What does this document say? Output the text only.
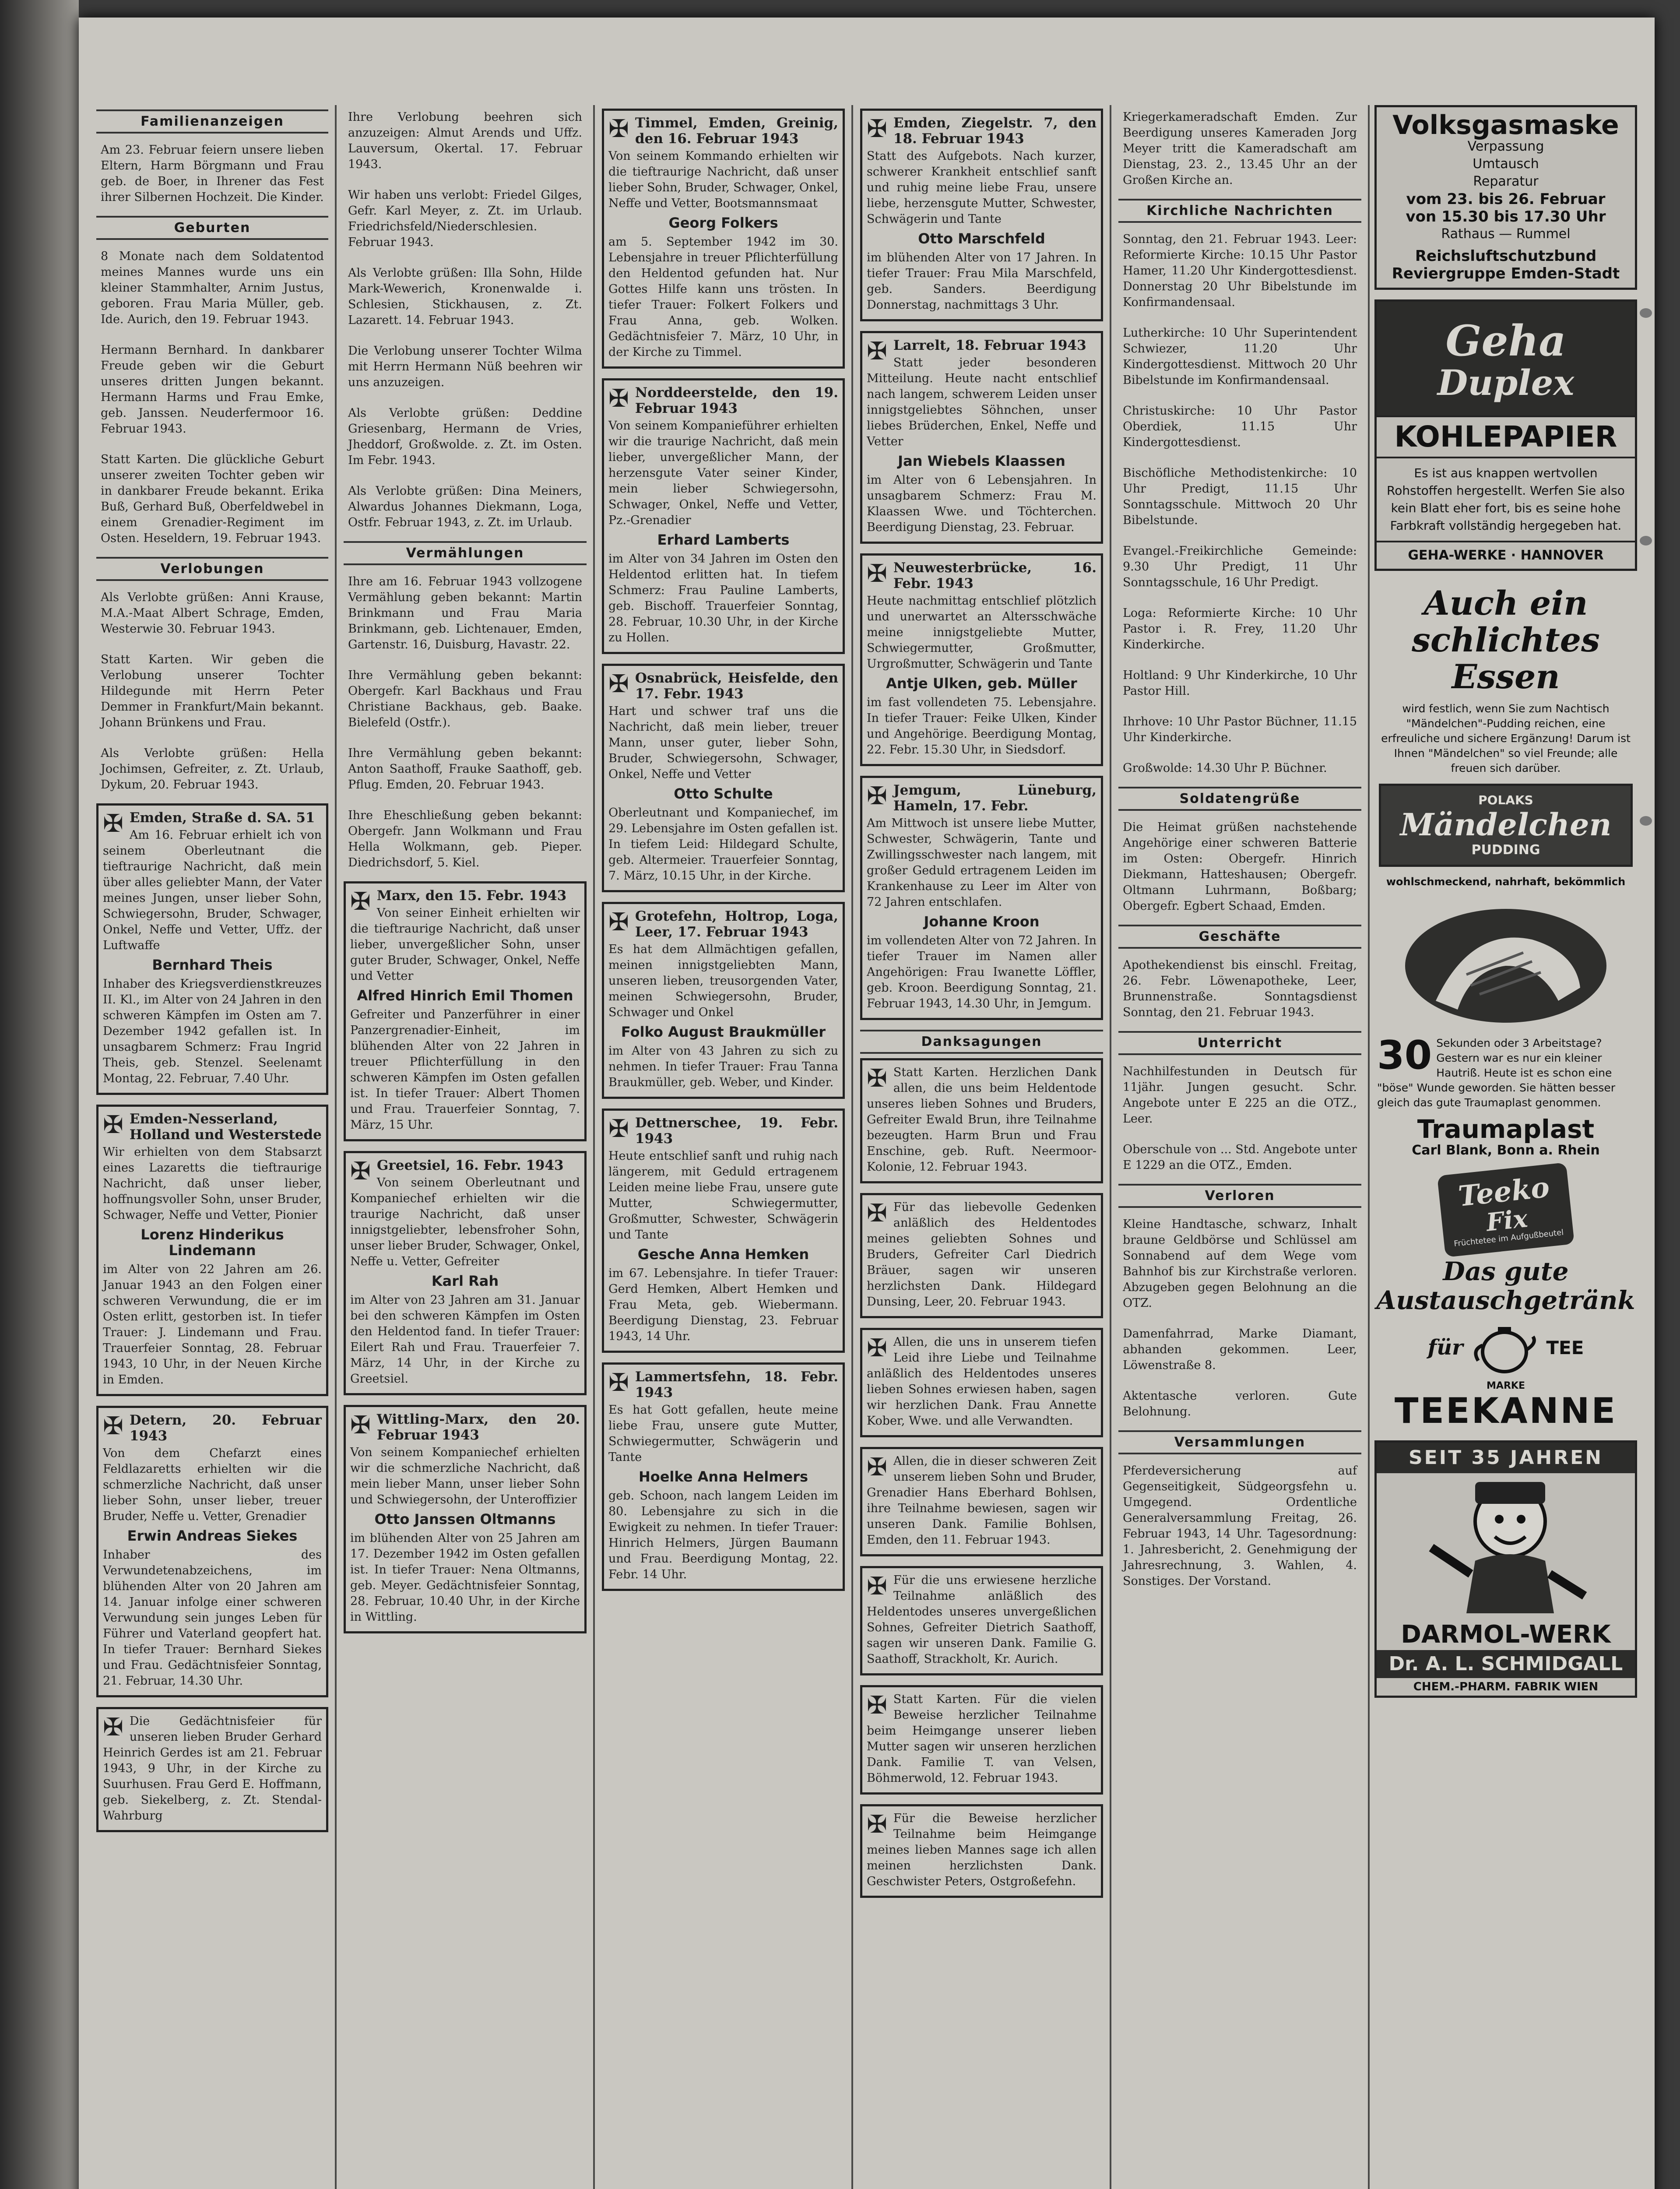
Familienanzeigen

Am 23. Februar feiern unsere lieben Eltern, Harm Börgmann und Frau geb. de Boer, in Ihrener das Fest ihrer Silbernen Hochzeit. Die Kinder.

Geburten

8 Monate nach dem Soldatentod meines Mannes wurde uns ein kleiner Stammhalter, Arnim Justus, geboren. Frau Maria Müller, geb. Ide. Aurich, den 19. Februar 1943.

Hermann Bernhard. In dankbarer Freude geben wir die Geburt unseres dritten Jungen bekannt. Hermann Harms und Frau Emke, geb. Janssen. Neuderfermoor 16. Februar 1943.

Statt Karten. Die glückliche Geburt unserer zweiten Tochter geben wir in dankbarer Freude bekannt. Erika Buß, Gerhard Buß, Oberfeldwebel in einem Grenadier-Regiment im Osten. Heseldern, 19. Februar 1943.

Verlobungen

Als Verlobte grüßen: Anni Krause, M.A.-Maat Albert Schrage, Emden, Westerwie 30. Februar 1943.

Statt Karten. Wir geben die Verlobung unserer Tochter Hildegunde mit Herrn Peter Demmer in Frankfurt/Main bekannt. Johann Brünkens und Frau.

Als Verlobte grüßen: Hella Jochimsen, Gefreiter, z. Zt. Urlaub, Dykum, 20. Februar 1943.

✠ Emden, Straße d. SA. 51

Am 16. Februar erhielt ich von seinem Oberleutnant die tieftraurige Nachricht, daß mein über alles geliebter Mann, der Vater meines Jungen, unser lieber Sohn, Schwiegersohn, Bruder, Schwager, Onkel, Neffe und Vetter, Uffz. der Luftwaffe

Bernhard Theis

Inhaber des Kriegsverdienstkreuzes II. Kl., im Alter von 24 Jahren in den schweren Kämpfen im Osten am 7. Dezember 1942 gefallen ist. In unsagbarem Schmerz: Frau Ingrid Theis, geb. Stenzel. Seelenamt Montag, 22. Februar, 7.40 Uhr.

✠ Emden-Nesserland, Holland und Westerstede

Wir erhielten von dem Stabsarzt eines Lazaretts die tieftraurige Nachricht, daß unser lieber, hoffnungsvoller Sohn, unser Bruder, Schwager, Neffe und Vetter, Pionier

Lorenz Hinderikus Lindemann

im Alter von 22 Jahren am 26. Januar 1943 an den Folgen einer schweren Verwundung, die er im Osten erlitt, gestorben ist. In tiefer Trauer: J. Lindemann und Frau. Trauerfeier Sonntag, 28. Februar 1943, 10 Uhr, in der Neuen Kirche in Emden.

✠ Detern, 20. Februar 1943

Von dem Chefarzt eines Feldlazaretts erhielten wir die schmerzliche Nachricht, daß unser lieber Sohn, unser lieber, treuer Bruder, Neffe u. Vetter, Grenadier

Erwin Andreas Siekes

Inhaber des Verwundetenabzeichens, im blühenden Alter von 20 Jahren am 14. Januar infolge einer schweren Verwundung sein junges Leben für Führer und Vaterland geopfert hat. In tiefer Trauer: Bernhard Siekes und Frau. Gedächtnisfeier Sonntag, 21. Februar, 14.30 Uhr.

✠ Die Gedächtnisfeier für unseren lieben Bruder Gerhard Heinrich Gerdes ist am 21. Februar 1943, 9 Uhr, in der Kirche zu Suurhusen. Frau Gerd E. Hoffmann, geb. Siekelberg, z. Zt. Stendal-Wahrburg

Ihre Verlobung beehren sich anzuzeigen: Almut Arends und Uffz. Lauversum, Okertal. 17. Februar 1943.

Wir haben uns verlobt: Friedel Gilges, Gefr. Karl Meyer, z. Zt. im Urlaub. Friedrichsfeld/Niederschlesien. Februar 1943.

Als Verlobte grüßen: Illa Sohn, Hilde Mark-Wewerich, Kronenwalde i. Schlesien, Stickhausen, z. Zt. Lazarett. 14. Februar 1943.

Die Verlobung unserer Tochter Wilma mit Herrn Hermann Nüß beehren wir uns anzuzeigen.

Als Verlobte grüßen: Deddine Griesenbarg, Hermann de Vries, Jheddorf, Großwolde. z. Zt. im Osten. Im Febr. 1943.

Als Verlobte grüßen: Dina Meiners, Alwardus Johannes Diekmann, Loga, Ostfr. Februar 1943, z. Zt. im Urlaub.

Vermählungen

Ihre am 16. Februar 1943 vollzogene Vermählung geben bekannt: Martin Brinkmann und Frau Maria Brinkmann, geb. Lichtenauer, Emden, Gartenstr. 16, Duisburg, Havastr. 22.

Ihre Vermählung geben bekannt: Obergefr. Karl Backhaus und Frau Christiane Backhaus, geb. Baake. Bielefeld (Ostfr.).

Ihre Vermählung geben bekannt: Anton Saathoff, Frauke Saathoff, geb. Pflug. Emden, 20. Februar 1943.

Ihre Eheschließung geben bekannt: Obergefr. Jann Wolkmann und Frau Hella Wolkmann, geb. Pieper. Diedrichsdorf, 5. Kiel.

✠ Marx, den 15. Febr. 1943

Von seiner Einheit erhielten wir die tieftraurige Nachricht, daß unser lieber, unvergeßlicher Sohn, unser guter Bruder, Schwager, Onkel, Neffe und Vetter

Alfred Hinrich Emil Thomen

Gefreiter und Panzerführer in einer Panzergrenadier-Einheit, im blühenden Alter von 22 Jahren in treuer Pflichterfüllung in den schweren Kämpfen im Osten gefallen ist. In tiefer Trauer: Albert Thomen und Frau. Trauerfeier Sonntag, 7. März, 15 Uhr.

✠ Greetsiel, 16. Febr. 1943

Von seinem Oberleutnant und Kompaniechef erhielten wir die traurige Nachricht, daß unser innigstgeliebter, lebensfroher Sohn, unser lieber Bruder, Schwager, Onkel, Neffe u. Vetter, Gefreiter

Karl Rah

im Alter von 23 Jahren am 31. Januar bei den schweren Kämpfen im Osten den Heldentod fand. In tiefer Trauer: Eilert Rah und Frau. Trauerfeier 7. März, 14 Uhr, in der Kirche zu Greetsiel.

✠ Wittling-Marx, den 20. Februar 1943

Von seinem Kompaniechef erhielten wir die schmerzliche Nachricht, daß mein lieber Mann, unser lieber Sohn und Schwiegersohn, der Unteroffizier

Otto Janssen Oltmanns

im blühenden Alter von 25 Jahren am 17. Dezember 1942 im Osten gefallen ist. In tiefer Trauer: Nena Oltmanns, geb. Meyer. Gedächtnisfeier Sonntag, 28. Februar, 10.40 Uhr, in der Kirche in Wittling.

✠ Timmel, Emden, Greinig, den 16. Februar 1943

Von seinem Kommando erhielten wir die tieftraurige Nachricht, daß unser lieber Sohn, Bruder, Schwager, Onkel, Neffe und Vetter, Bootsmannsmaat

Georg Folkers

am 5. September 1942 im 30. Lebensjahre in treuer Pflichterfüllung den Heldentod gefunden hat. Nur Gottes Hilfe kann uns trösten. In tiefer Trauer: Folkert Folkers und Frau Anna, geb. Wolken. Gedächtnisfeier 7. März, 10 Uhr, in der Kirche zu Timmel.

✠ Norddeerstelde, den 19. Februar 1943

Von seinem Kompanieführer erhielten wir die traurige Nachricht, daß mein lieber, unvergeßlicher Mann, der herzensgute Vater seiner Kinder, mein lieber Schwiegersohn, Schwager, Onkel, Neffe und Vetter, Pz.-Grenadier

Erhard Lamberts

im Alter von 34 Jahren im Osten den Heldentod erlitten hat. In tiefem Schmerz: Frau Pauline Lamberts, geb. Bischoff. Trauerfeier Sonntag, 28. Februar, 10.30 Uhr, in der Kirche zu Hollen.

✠ Osnabrück, Heisfelde, den 17. Febr. 1943

Hart und schwer traf uns die Nachricht, daß mein lieber, treuer Mann, unser guter, lieber Sohn, Bruder, Schwiegersohn, Schwager, Onkel, Neffe und Vetter

Otto Schulte

Oberleutnant und Kompaniechef, im 29. Lebensjahre im Osten gefallen ist. In tiefem Leid: Hildegard Schulte, geb. Altermeier. Trauerfeier Sonntag, 7. März, 10.15 Uhr, in der Kirche.

✠ Grotefehn, Holtrop, Loga, Leer, 17. Februar 1943

Es hat dem Allmächtigen gefallen, meinen innigstgeliebten Mann, unseren lieben, treusorgenden Vater, meinen Schwiegersohn, Bruder, Schwager und Onkel

Folko August Braukmüller

im Alter von 43 Jahren zu sich zu nehmen. In tiefer Trauer: Frau Tanna Braukmüller, geb. Weber, und Kinder.

✠ Dettnerschee, 19. Febr. 1943

Heute entschlief sanft und ruhig nach längerem, mit Geduld ertragenem Leiden meine liebe Frau, unsere gute Mutter, Schwiegermutter, Großmutter, Schwester, Schwägerin und Tante

Gesche Anna Hemken

im 67. Lebensjahre. In tiefer Trauer: Gerd Hemken, Albert Hemken und Frau Meta, geb. Wiebermann. Beerdigung Dienstag, 23. Februar 1943, 14 Uhr.

✠ Lammertsfehn, 18. Febr. 1943

Es hat Gott gefallen, heute meine liebe Frau, unsere gute Mutter, Schwiegermutter, Schwägerin und Tante

Hoelke Anna Helmers

geb. Schoon, nach langem Leiden im 80. Lebensjahre zu sich in die Ewigkeit zu nehmen. In tiefer Trauer: Hinrich Helmers, Jürgen Baumann und Frau. Beerdigung Montag, 22. Febr. 14 Uhr.

✠ Emden, Ziegelstr. 7, den 18. Februar 1943

Statt des Aufgebots. Nach kurzer, schwerer Krankheit entschlief sanft und ruhig meine liebe Frau, unsere liebe, herzensgute Mutter, Schwester, Schwägerin und Tante

Otto Marschfeld

im blühenden Alter von 17 Jahren. In tiefer Trauer: Frau Mila Marschfeld, geb. Sanders. Beerdigung Donnerstag, nachmittags 3 Uhr.

✠ Larrelt, 18. Februar 1943

Statt jeder besonderen Mitteilung. Heute nacht entschlief nach langem, schwerem Leiden unser innigstgeliebtes Söhnchen, unser liebes Brüderchen, Enkel, Neffe und Vetter

Jan Wiebels Klaassen

im Alter von 6 Lebensjahren. In unsagbarem Schmerz: Frau M. Klaassen Wwe. und Töchterchen. Beerdigung Dienstag, 23. Februar.

✠ Neuwesterbrücke, 16. Febr. 1943

Heute nachmittag entschlief plötzlich und unerwartet an Altersschwäche meine innigstgeliebte Mutter, Schwiegermutter, Großmutter, Urgroßmutter, Schwägerin und Tante

Antje Ulken, geb. Müller

im fast vollendeten 75. Lebensjahre. In tiefer Trauer: Feike Ulken, Kinder und Angehörige. Beerdigung Montag, 22. Febr. 15.30 Uhr, in Siedsdorf.

✠ Jemgum, Lüneburg, Hameln, 17. Febr.

Am Mittwoch ist unsere liebe Mutter, Schwester, Schwägerin, Tante und Zwillingsschwester nach langem, mit großer Geduld ertragenem Leiden im Krankenhause zu Leer im Alter von 72 Jahren entschlafen.

Johanne Kroon

im vollendeten Alter von 72 Jahren. In tiefer Trauer im Namen aller Angehörigen: Frau Iwanette Löffler, geb. Kroon. Beerdigung Sonntag, 21. Februar 1943, 14.30 Uhr, in Jemgum.

Danksagungen
✠ Statt Karten. Herzlichen Dank allen, die uns beim Heldentode unseres lieben Sohnes und Bruders, Gefreiter Ewald Brun, ihre Teilnahme bezeugten. Harm Brun und Frau Enschine, geb. Ruft. Neermoor-Kolonie, 12. Februar 1943.

✠ Für das liebevolle Gedenken anläßlich des Heldentodes meines geliebten Sohnes und Bruders, Gefreiter Carl Diedrich Bräuer, sagen wir unseren herzlichsten Dank. Hildegard Dunsing, Leer, 20. Februar 1943.

✠ Allen, die uns in unserem tiefen Leid ihre Liebe und Teilnahme anläßlich des Heldentodes unseres lieben Sohnes erwiesen haben, sagen wir herzlichen Dank. Frau Annette Kober, Wwe. und alle Verwandten.

✠ Allen, die in dieser schweren Zeit unserem lieben Sohn und Bruder, Grenadier Hans Eberhard Bohlsen, ihre Teilnahme bewiesen, sagen wir unseren Dank. Familie Bohlsen, Emden, den 11. Februar 1943.

✠ Für die uns erwiesene herzliche Teilnahme anläßlich des Heldentodes unseres unvergeßlichen Sohnes, Gefreiter Dietrich Saathoff, sagen wir unseren Dank. Familie G. Saathoff, Strackholt, Kr. Aurich.

✠ Statt Karten. Für die vielen Beweise herzlicher Teilnahme beim Heimgange unserer lieben Mutter sagen wir unseren herzlichen Dank. Familie T. van Velsen, Böhmerwold, 12. Februar 1943.

✠ Für die Beweise herzlicher Teilnahme beim Heimgange meines lieben Mannes sage ich allen meinen herzlichsten Dank. Geschwister Peters, Ostgroßefehn.

Kriegerkameradschaft Emden. Zur Beerdigung unseres Kameraden Jorg Meyer tritt die Kameradschaft am Dienstag, 23. 2., 13.45 Uhr an der Großen Kirche an.

Kirchliche Nachrichten

Sonntag, den 21. Februar 1943. Leer: Reformierte Kirche: 10.15 Uhr Pastor Hamer, 11.20 Uhr Kindergottesdienst. Donnerstag 20 Uhr Bibelstunde im Konfirmandensaal.

Lutherkirche: 10 Uhr Superintendent Schwiezer, 11.20 Uhr Kindergottesdienst. Mittwoch 20 Uhr Bibelstunde im Konfirmandensaal.

Christuskirche: 10 Uhr Pastor Oberdiek, 11.15 Uhr Kindergottesdienst.

Bischöfliche Methodistenkirche: 10 Uhr Predigt, 11.15 Uhr Sonntagsschule. Mittwoch 20 Uhr Bibelstunde.

Evangel.-Freikirchliche Gemeinde: 9.30 Uhr Predigt, 11 Uhr Sonntagsschule, 16 Uhr Predigt.

Loga: Reformierte Kirche: 10 Uhr Pastor i. R. Frey, 11.20 Uhr Kinderkirche.

Holtland: 9 Uhr Kinderkirche, 10 Uhr Pastor Hill.

Ihrhove: 10 Uhr Pastor Büchner, 11.15 Uhr Kinderkirche.

Großwolde: 14.30 Uhr P. Büchner.

Soldatengrüße

Die Heimat grüßen nachstehende Angehörige einer schweren Batterie im Osten: Obergefr. Hinrich Diekmann, Hatteshausen; Obergefr. Oltmann Luhrmann, Boßbarg; Obergefr. Egbert Schaad, Emden.

Geschäfte

Apothekendienst bis einschl. Freitag, 26. Febr. Löwenapotheke, Leer, Brunnenstraße. Sonntagsdienst Sonntag, den 21. Februar 1943.

Unterricht

Nachhilfestunden in Deutsch für 11jähr. Jungen gesucht. Schr. Angebote unter E 225 an die OTZ., Leer.

Oberschule von ... Std. Angebote unter E 1229 an die OTZ., Emden.

Verloren

Kleine Handtasche, schwarz, Inhalt braune Geldbörse und Schlüssel am Sonnabend auf dem Wege vom Bahnhof bis zur Kirchstraße verloren. Abzugeben gegen Belohnung an die OTZ.

Damenfahrrad, Marke Diamant, abhanden gekommen. Leer, Löwenstraße 8.

Aktentasche verloren. Gute Belohnung.

Versammlungen

Pferdeversicherung auf Gegenseitigkeit, Südgeorgsfehn u. Umgegend. Ordentliche Generalversammlung Freitag, 26. Februar 1943, 14 Uhr. Tagesordnung: 1. Jahresbericht, 2. Genehmigung der Jahresrechnung, 3. Wahlen, 4. Sonstiges. Der Vorstand.

Volksgasmaske
Verpassung
Umtausch
Reparatur
vom 23. bis 26. Februar
von 15.30 bis 17.30 Uhr
Rathaus — Rummel
Reichsluftschutzbund
Reviergruppe Emden-Stadt
Geha
Duplex
KOHLEPAPIER
Es ist aus knappen wertvollen Rohstoffen hergestellt. Werfen Sie also kein Blatt eher fort, bis es seine hohe Farbkraft vollständig hergegeben hat.
GEHA-WERKE · HANNOVER
Auch ein schlichtes Essen
wird festlich, wenn Sie zum Nachtisch "Mändelchen"-Pudding reichen, eine erfreuliche und sichere Ergänzung! Darum ist Ihnen "Mändelchen" so viel Freunde; alle freuen sich darüber.
POLAKS
Mändelchen
PUDDING
wohlschmeckend, nahrhaft, bekömmlich
30 Sekunden oder 3 Arbeitstage? Gestern war es nur ein kleiner Hautriß. Heute ist es schon eine "böse" Wunde geworden. Sie hätten besser gleich das gute Traumaplast genommen.
Traumaplast
Carl Blank, Bonn a. Rhein
Teeko
Fix
Früchtetee im Aufgußbeutel
Das gute Austauschgetränk
für	TEE
MARKE
TEEKANNE
SEIT 35 JAHREN
DARMOL-WERK
Dr. A. L. SCHMIDGALL
CHEM.-PHARM. FABRIK WIEN
